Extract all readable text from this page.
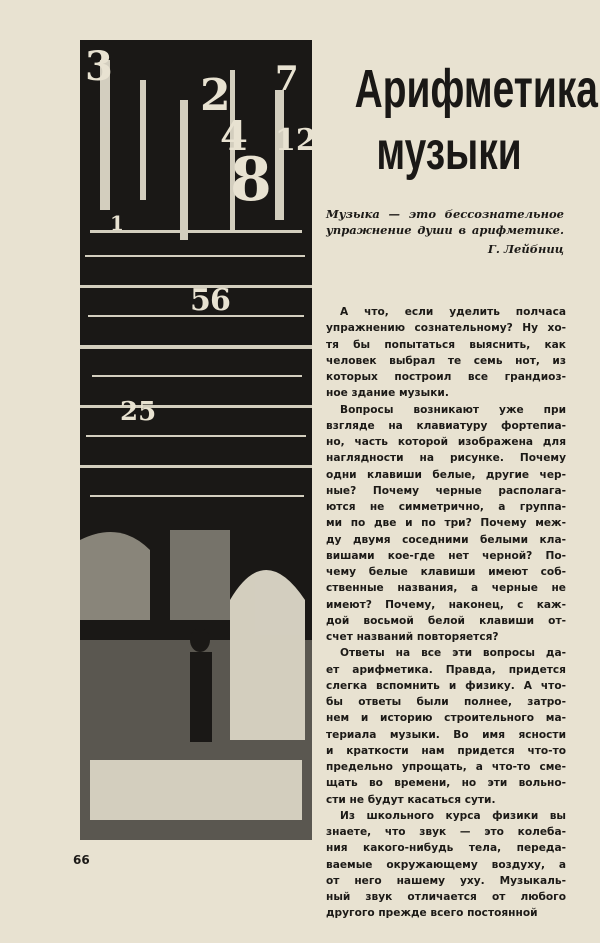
3
2
4
7
8
1
5 6
25
12
Арифметика
музыки
Музыка — это бессознательное
упражнение души в арифметике.
Г. Лейбниц
А что, если уделить полчаса
упражнению сознательному? Ну хо-
тя бы попытаться выяснить, как
человек выбрал те семь нот, из
которых построил все грандиоз-
ное здание музыки.
Вопросы возникают уже при
взгляде на клавиатуру фортепиа-
но, часть которой изображена для
наглядности на рисунке. Почему
одни клавиши белые, другие чер-
ные? Почему черные располага-
ются не симметрично, а группа-
ми по две и по три? Почему меж-
ду двумя соседними белыми кла-
вишами кое-где нет черной? По-
чему белые клавиши имеют соб-
ственные названия, а черные не
имеют? Почему, наконец, с каж-
дой восьмой белой клавиши от-
счет названий повторяется?
Ответы на все эти вопросы да-
ет арифметика. Правда, придется
слегка вспомнить и физику. А что-
бы ответы были полнее, затро-
нем и историю строительного ма-
териала музыки. Во имя ясности
и краткости нам придется что-то
предельно упрощать, а что-то сме-
щать во времени, но эти вольно-
сти не будут касаться сути.
Из школьного курса физики вы
знаете, что звук — это колеба-
ния какого-нибудь тела, переда-
ваемые окружающему воздуху, а
от него нашему уху. Музыкаль-
ный звук отличается от любого
другого прежде всего постоянной
66
